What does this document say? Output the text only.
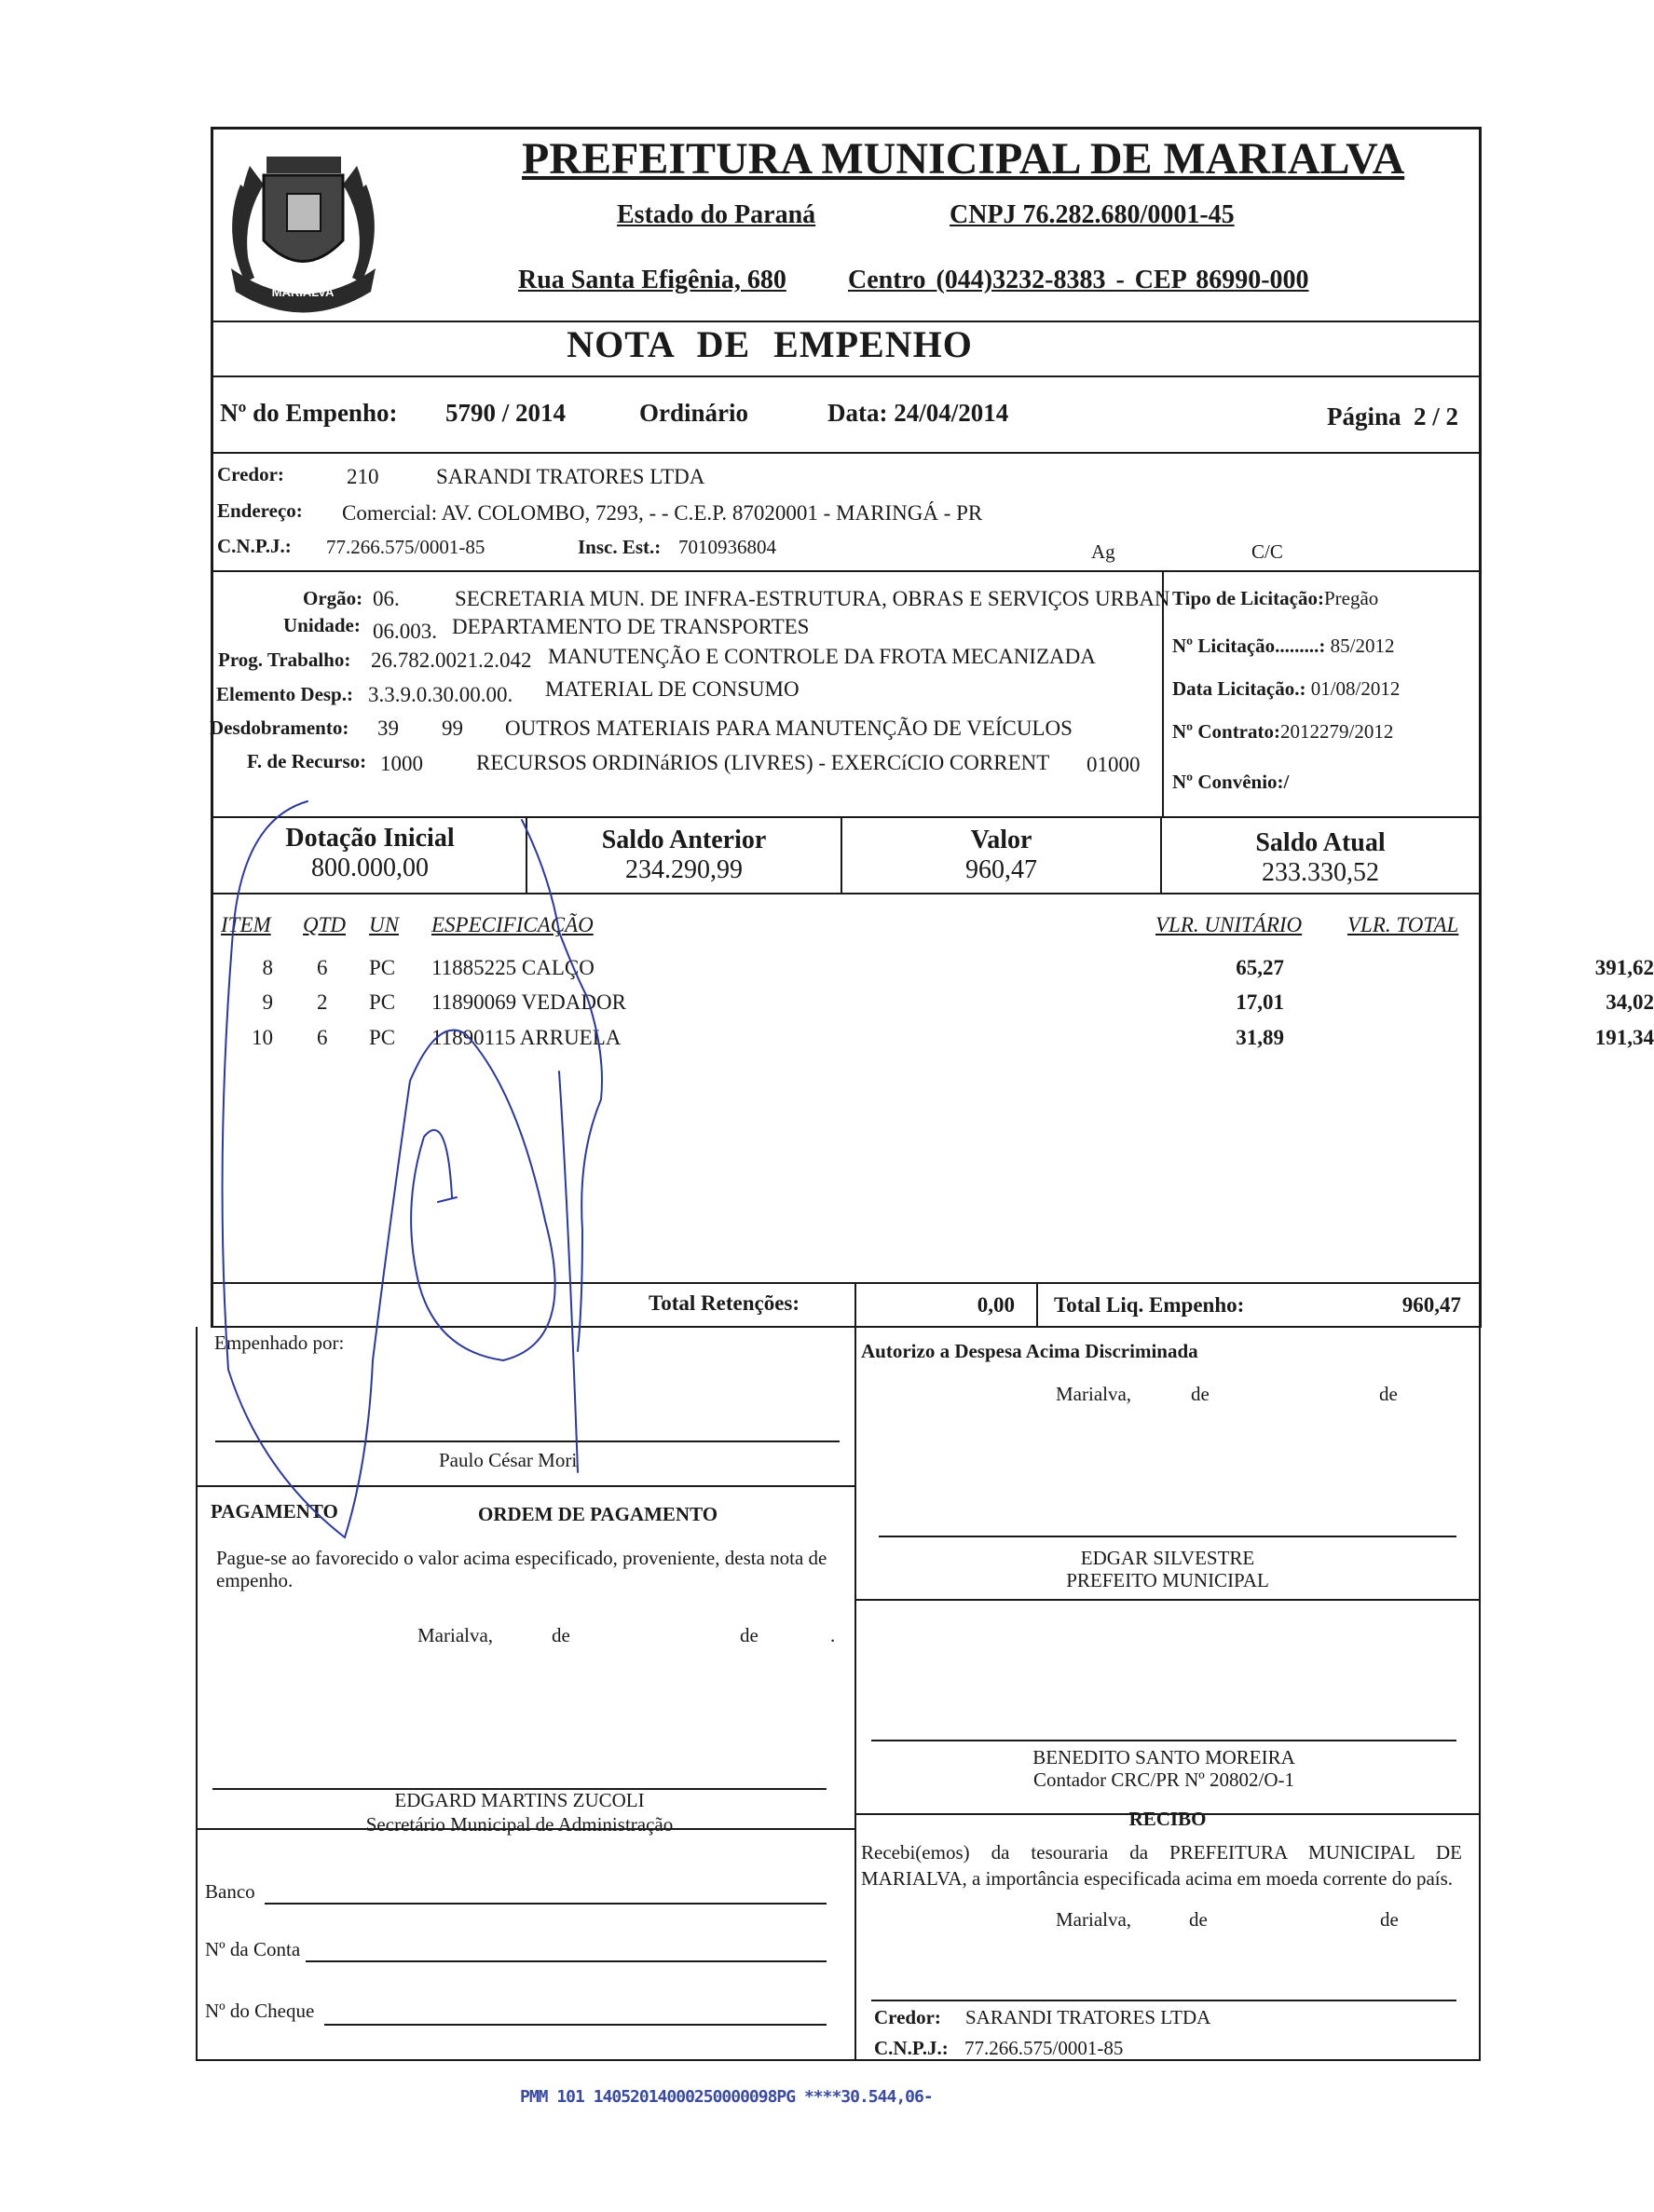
MARIALVA
PREFEITURA MUNICIPAL DE MARIALVA
Estado do Paraná	CNPJ 76.282.680/0001-45
Rua Santa Efigênia, 680 Centro (044)3232-8383 - CEP 86990-000
NOTA DE EMPENHO
Nº do Empenho: 5790 / 2014	Ordinário	Data: 24/04/2014	Página  2 / 2
Credor:	210	SARANDI TRATORES LTDA
Endereço: Comercial: AV. COLOMBO, 7293, - - C.E.P. 87020001 - MARINGÁ - PR
C.N.P.J.: 77.266.575/0001-85	Insc. Est.: 7010936804	Ag	C/C
Orgão: 06.	SECRETARIA MUN. DE INFRA-ESTRUTURA, OBRAS E SERVIÇOS URBAN
Unidade: 06.003. DEPARTAMENTO DE TRANSPORTES
Prog. Trabalho: 26.782.0021.2.042 MANUTENÇÃO E CONTROLE DA FROTA MECANIZADA
Elemento Desp.: 3.3.9.0.30.00.00. MATERIAL DE CONSUMO
Desdobramento: 39 99 OUTROS MATERIAIS PARA MANUTENÇÃO DE VEÍCULOS
F. de Recurso: 1000 RECURSOS ORDINáRIOS (LIVRES) - EXERCíCIO CORRENT 01000
Tipo de Licitação:Pregão
Nº Licitação.........: 85/2012
Data Licitação.: 01/08/2012
Nº Contrato:2012279/2012
Nº Convênio:/
Dotação Inicial
800.000,00
Saldo Anterior
234.290,99
Valor
960,47
Saldo Atual
233.330,52
ITEM QTD UN ESPECIFICAÇÃO	VLR. UNITÁRIO VLR. TOTAL
8 6 PC 11885225 CALÇO	65,27	391,62
9 2 PC 11890069 VEDADOR	17,01	34,02
10 6 PC 11890115 ARRUELA	31,89	191,34
Total Retenções:	0,00 Total Liq. Empenho:	960,47
Empenhado por:
Paulo César Mori
PAGAMENTO	ORDEM DE PAGAMENTO
Pague-se ao favorecido o valor acima especificado, proveniente, desta nota de empenho.
Marialva,	de	de	.
EDGARD MARTINS ZUCOLI
Secretário Municipal de Administração
Banco
Nº da Conta
Nº do Cheque
Autorizo a Despesa Acima Discriminada
Marialva,	de	de
EDGAR SILVESTRE
PREFEITO MUNICIPAL
BENEDITO SANTO MOREIRA
Contador CRC/PR Nº 20802/O-1
RECIBO
Recebi(emos) da tesouraria da PREFEITURA MUNICIPAL DE MARIALVA, a importância especificada acima em moeda corrente do país.
Marialva,	de	de
Credor: SARANDI TRATORES LTDA
C.N.P.J.: 77.266.575/0001-85
PMM 101 14052014000250000098PG ****30.544,06-
